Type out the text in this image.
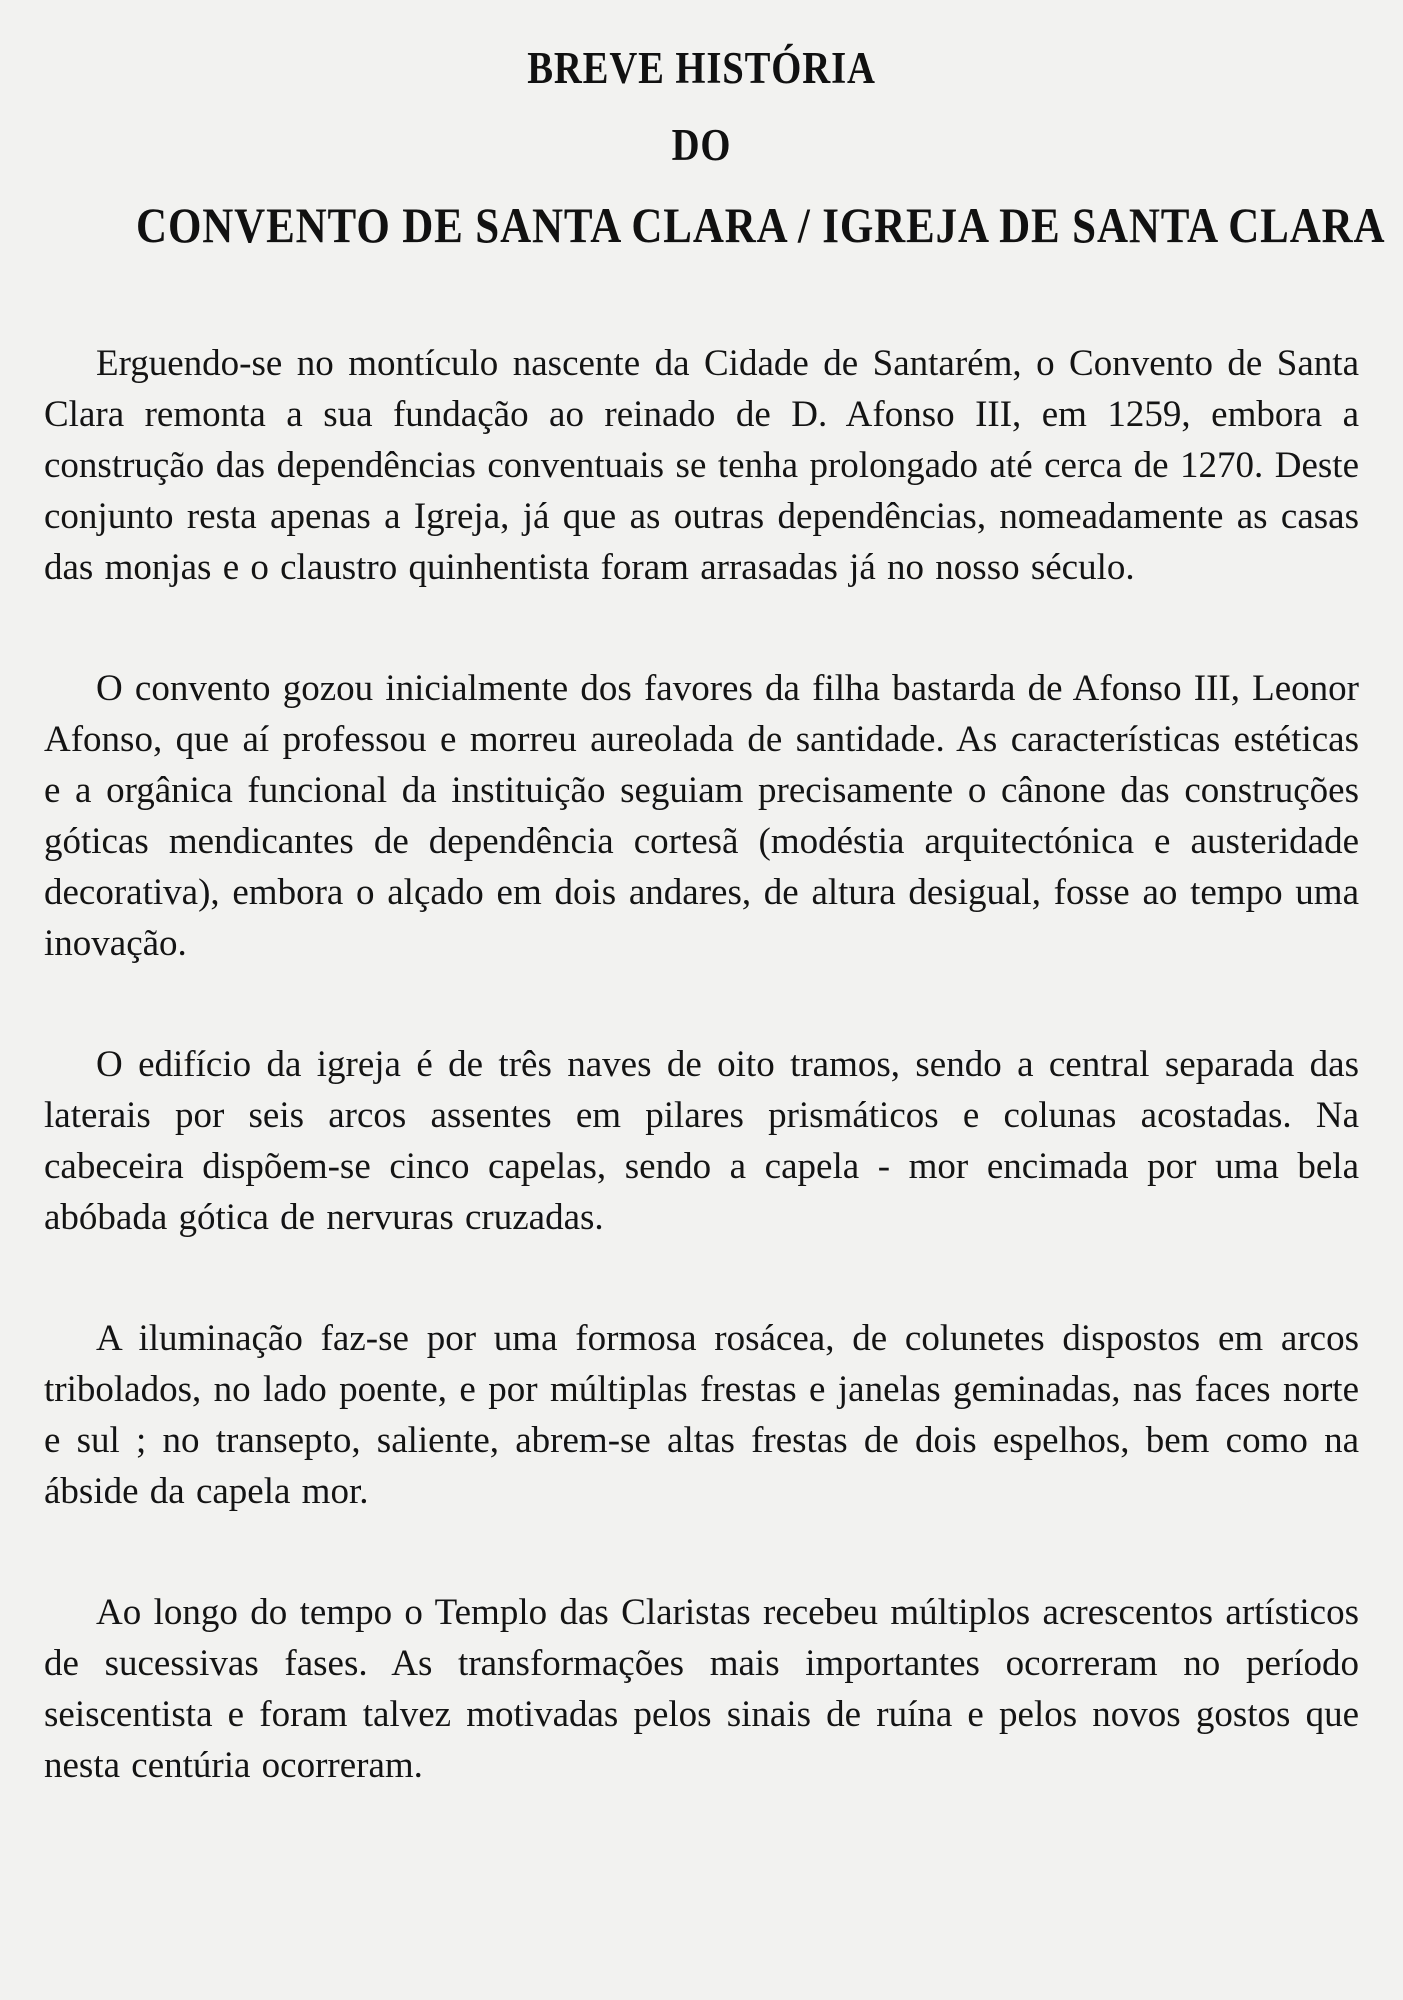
BREVE HISTÓRIA
DO
CONVENTO DE SANTA CLARA / IGREJA DE SANTA CLARA

Erguendo-se no montículo nascente da Cidade de Santarém, o Convento de Santa Clara remonta a sua fundação ao reinado de D. Afonso III, em 1259, embora a construção das dependências conventuais se tenha prolongado até cerca de 1270. Deste conjunto resta apenas a Igreja, já que as outras dependências, nomeadamente as casas das monjas e o claustro quinhentista foram arrasadas já no nosso século.

O convento gozou inicialmente dos favores da filha bastarda de Afonso III, Leonor Afonso, que aí professou e morreu aureolada de santidade. As características estéticas e a orgânica funcional da instituição seguiam precisamente o cânone das construções góticas mendicantes de dependência cortesã (modéstia arquitectónica e austeridade decorativa), embora o alçado em dois andares, de altura desigual, fosse ao tempo uma inovação.

O edifício da igreja é de três naves de oito tramos, sendo a central separada das laterais por seis arcos assentes em pilares prismáticos e colunas acostadas. Na cabeceira dispõem-se cinco capelas, sendo a capela - mor encimada por uma bela abóbada gótica de nervuras cruzadas.

A iluminação faz-se por uma formosa rosácea, de colunetes dispostos em arcos tribolados, no lado poente, e por múltiplas frestas e janelas geminadas, nas faces norte e sul ; no transepto, saliente, abrem-se altas frestas de dois espelhos, bem como na ábside da capela mor.

Ao longo do tempo o Templo das Claristas recebeu múltiplos acrescentos artísticos de sucessivas fases. As transformações mais importantes ocorreram no período seiscentista e foram talvez motivadas pelos sinais de ruína e pelos novos gostos que nesta centúria ocorreram.
